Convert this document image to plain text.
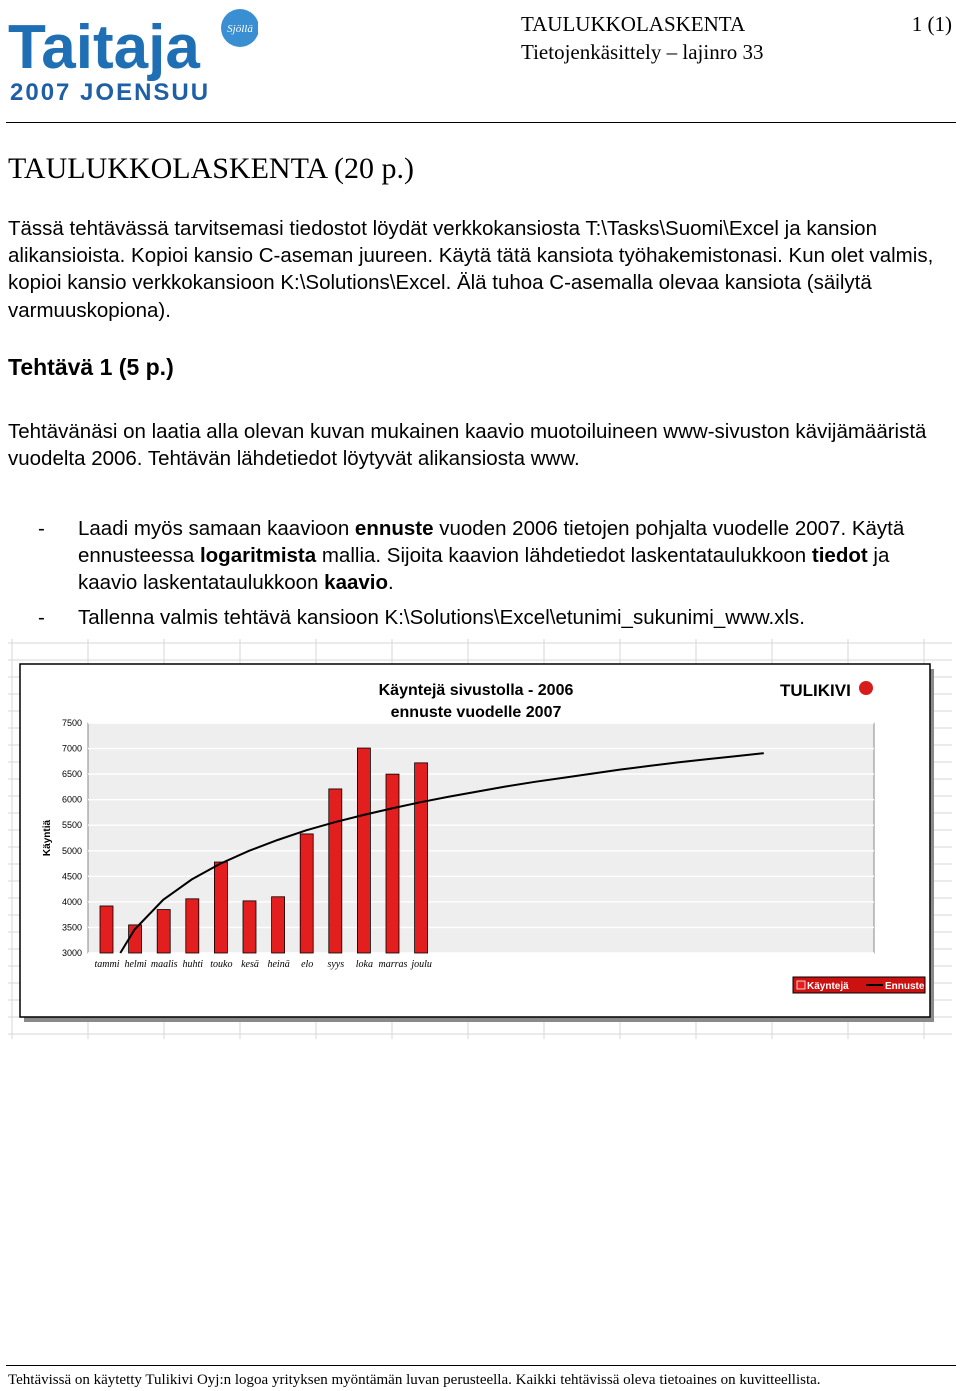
Taitaja Sjöllä
2007 JOENSUU
TAULUKKOLASKENTA	1 (1)
Tietojenkäsittely – lajinro 33
TAULUKKOLASKENTA (20 p.)

Tässä tehtävässä tarvitsemasi tiedostot löydät verkkokansiosta T:\Tasks\Suomi\Excel ja kansion alikansioista. Kopioi kansio C-aseman juureen. Käytä tätä kansiota työhakemistonasi. Kun olet valmis, kopioi kansio verkkokansioon K:\Solutions\Excel. Älä tuhoa C-asemalla olevaa kansiota (säilytä varmuuskopiona).

Tehtävä 1 (5 p.)

Tehtävänäsi on laatia alla olevan kuvan mukainen kaavio muotoiluineen www-sivuston kävijämääristä vuodelta 2006. Tehtävän lähdetiedot löytyvät alikansiosta www.

- Laadi myös samaan kaavioon ennuste vuoden 2006 tietojen pohjalta vuodelle 2007. Käytä ennusteessa logaritmista mallia. Sijoita kaavion lähdetiedot laskentataulukkoon tiedot ja kaavio laskentataulukkoon kaavio.
- Tallenna valmis tehtävä kansioon K:\Solutions\Excel\etunimi_sukunimi_www.xls.
Käyntejä sivustolla - 2006
ennuste vuodelle 2007
TULIKIVI
3000
3500
4000
4500
5000
5500
6000
6500
7000
7500
Käyntiä
tammi helmi maalis huhti touko kesä heinä elo syys loka marras joulu
Käyntejä	Ennuste
Tehtävissä on käytetty Tulikivi Oyj:n logoa yrityksen myöntämän luvan perusteella. Kaikki tehtävissä oleva tietoaines on kuvitteellista.
